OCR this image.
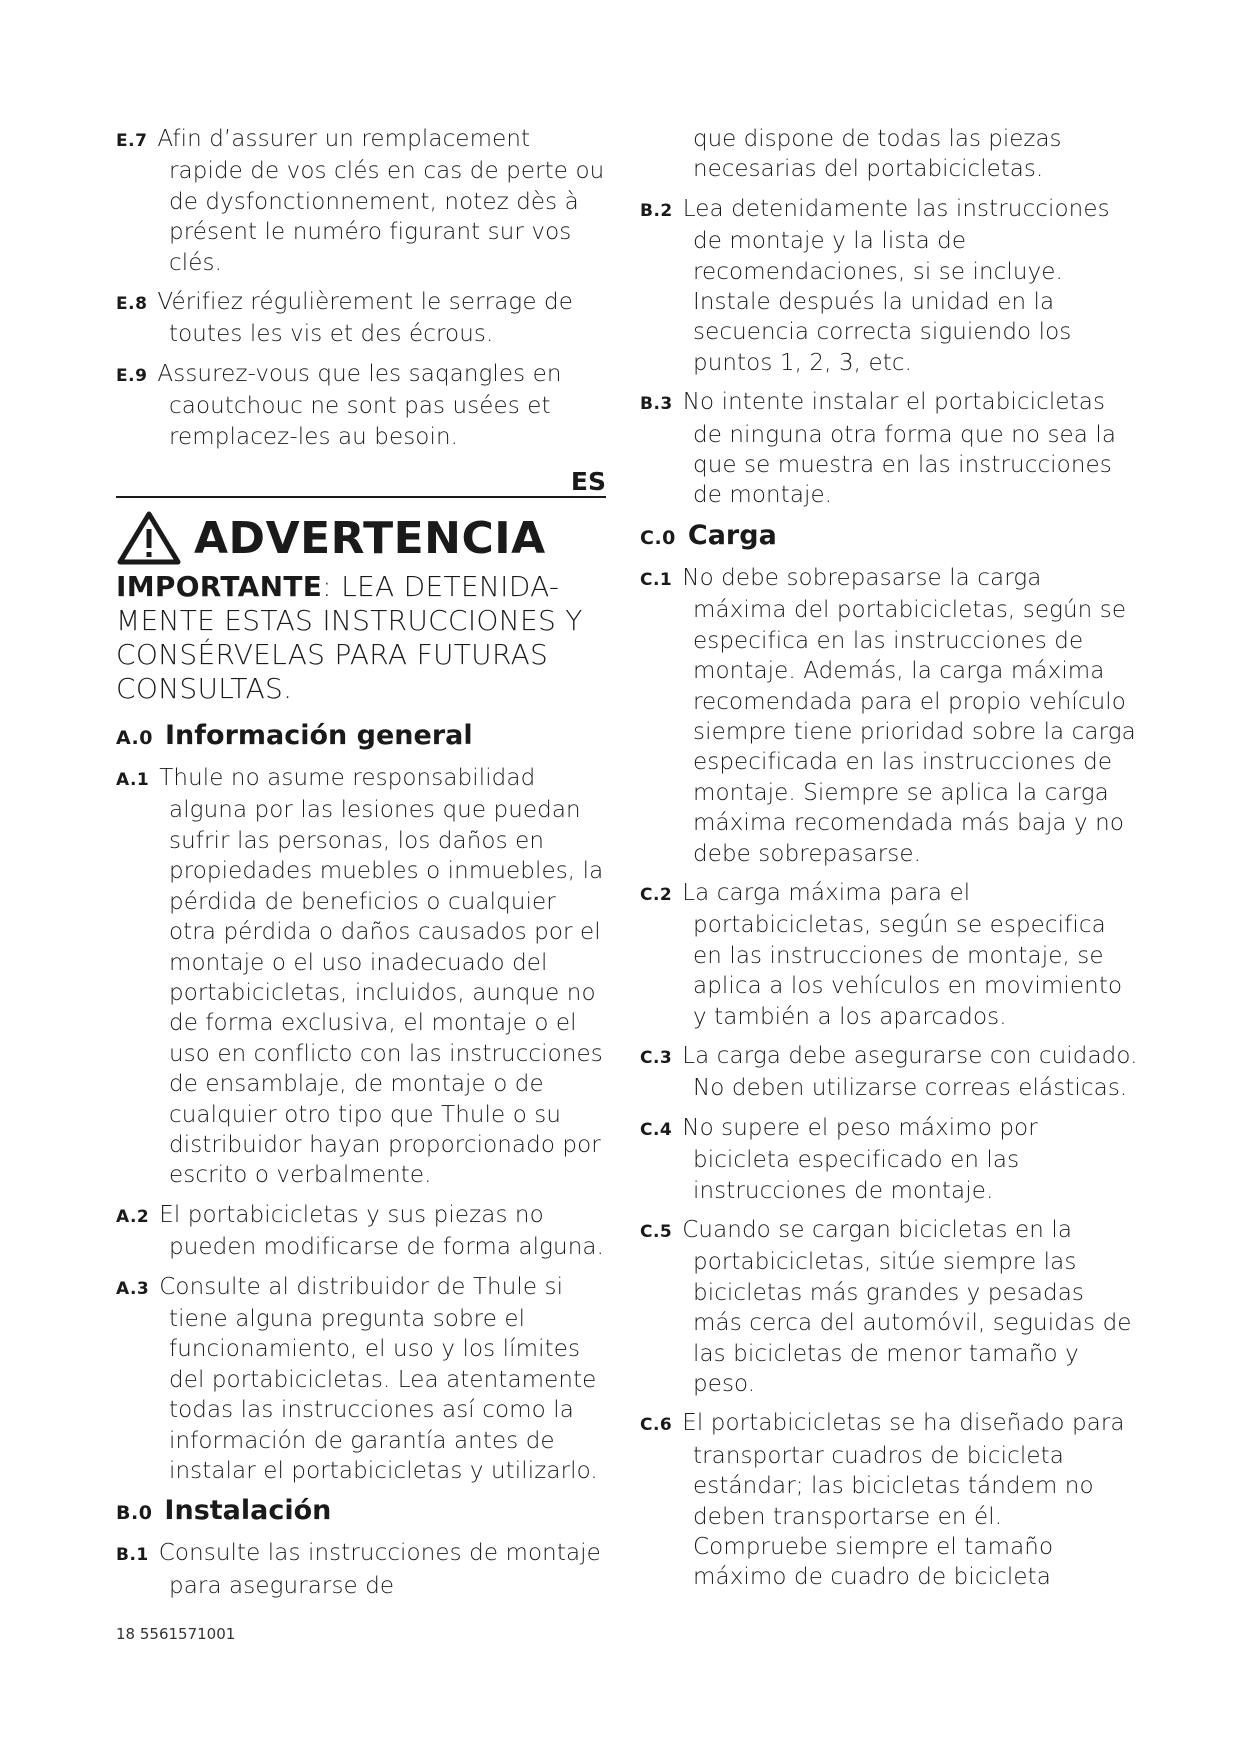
E.7 Afin d’assurer un remplacement rapide de vos clés en cas de perte ou de dysfonctionnement, notez dès à présent le numéro figurant sur vos clés.

E.8 Vérifiez régulièrement le serrage de toutes les vis et des écrous.

E.9 Assurez-vous que les saqangles en caoutchouc ne sont pas usées et remplacez-les au besoin.

ES
ADVERTENCIA

IMPORTANTE: LEA DETENIDA-MENTE ESTAS INSTRUCCIONES Y CONSÉRVELAS PARA FUTURAS CONSULTAS.

A.0 Información general

A.1 Thule no asume responsabilidad alguna por las lesiones que puedan sufrir las personas, los daños en propiedades muebles o inmuebles, la pérdida de beneficios o cualquier otra pérdida o daños causados por el montaje o el uso inadecuado del portabicicletas, incluidos, aunque no de forma exclusiva, el montaje o el uso en conflicto con las instrucciones de ensamblaje, de montaje o de cualquier otro tipo que Thule o su distribuidor hayan proporcionado por escrito o verbalmente.

A.2 El portabicicletas y sus piezas no pueden modificarse de forma alguna.

A.3 Consulte al distribuidor de Thule si tiene alguna pregunta sobre el funcionamiento, el uso y los límites del portabicicletas. Lea atentamente todas las instrucciones así como la información de garantía antes de instalar el portabicicletas y utilizarlo.

B.0 Instalación

B.1 Consulte las instrucciones de montaje para asegurarse de

que dispone de todas las piezas necesarias del portabicicletas.

B.2 Lea detenidamente las instrucciones de montaje y la lista de recomendaciones, si se incluye. Instale después la unidad en la secuencia correcta siguiendo los puntos 1, 2, 3, etc.

B.3 No intente instalar el portabicicletas de ninguna otra forma que no sea la que se muestra en las instrucciones de montaje.

C.0 Carga

C.1 No debe sobrepasarse la carga máxima del portabicicletas, según se especifica en las instrucciones de montaje. Además, la carga máxima recomendada para el propio vehículo siempre tiene prioridad sobre la carga especificada en las instrucciones de montaje. Siempre se aplica la carga máxima recomendada más baja y no debe sobrepasarse.

C.2 La carga máxima para el portabicicletas, según se especifica en las instrucciones de montaje, se aplica a los vehículos en movimiento y también a los aparcados.

C.3 La carga debe asegurarse con cuidado. No deben utilizarse correas elásticas.

C.4 No supere el peso máximo por bicicleta especificado en las instrucciones de montaje.

C.5 Cuando se cargan bicicletas en la portabicicletas, sitúe siempre las bicicletas más grandes y pesadas más cerca del automóvil, seguidas de las bicicletas de menor tamaño y peso.

C.6 El portabicicletas se ha diseñado para transportar cuadros de bicicleta estándar; las bicicletas tándem no deben transportarse en él. Compruebe siempre el tamaño máximo de cuadro de bicicleta

18 5561571001
